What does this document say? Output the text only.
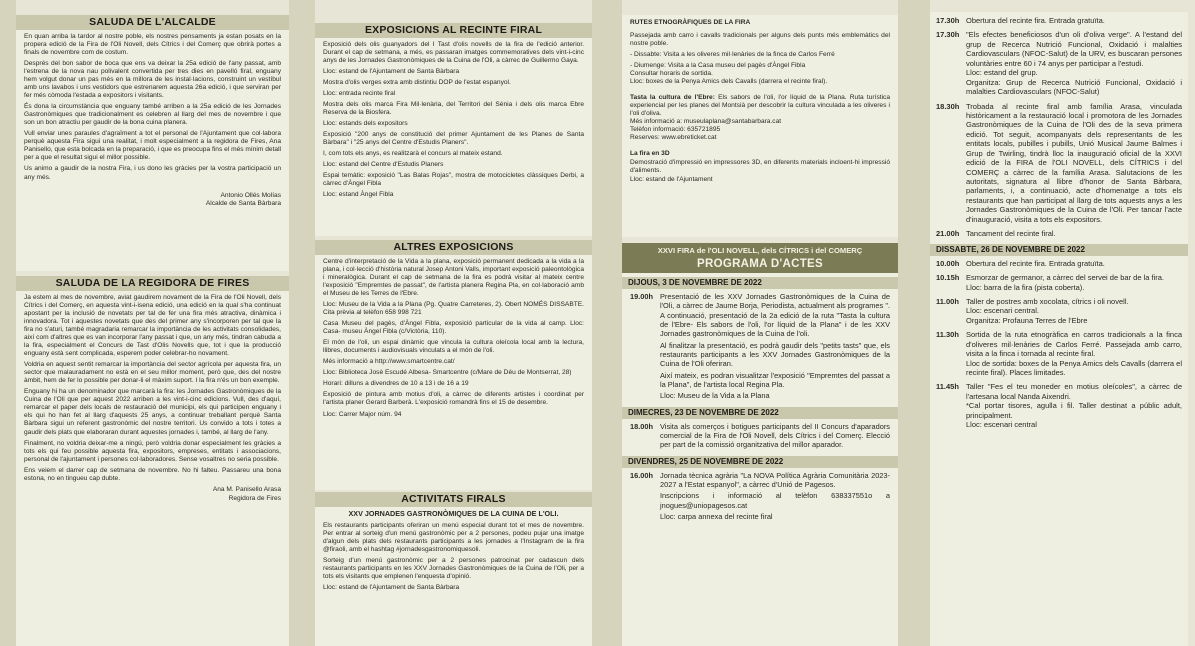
SALUDA DE L'ALCALDE

En quan arriba la tardor al nostre poble, els nostres pensaments ja estan posats en la propera edició de la Fira de l'Oli Novell, dels Cítrics i del Comerç que obrirà portes a finals de novembre com de costum.

Després del bon sabor de boca que ens va deixar la 25a edició de l'any passat, amb l'estrena de la nova nau polivalent convertida per tres dies en pavelló firal, enguany hem volgut donar un pas més en la millora de les instal·lacions, construint un vestíbul amb uns lavabos i uns vestidors que estrenarem aquesta 26a edició, i que serviran per fer més còmoda l'estada a expositors i visitants.

És dona la circumstància que enguany també arriben a la 25a edició de les Jornades Gastronòmiques que tradicionalment es celebren al llarg del mes de novembre i que son un bon atractiu per gaudir de la bona cuina planera.

Vull enviar unes paraules d'agraïment a tot el personal de l'Ajuntament que col·labora perquè aquesta Fira sigui una realitat, i molt especialment a la regidora de Fires, Ana Panisello, que esta bolcada en la preparació, i que es preocupa fins el més mínim detall per a que el resultat sigui el millor possible.

Us animo a gaudir de la nostra Fira, i us dono les gràcies per la vostra participació un any més.

Antonio Ollés Molías
Alcalde de Santa Bàrbara
SALUDA DE LA REGIDORA DE FIRES

Ja estem al mes de novembre, aviat gaudirem novament de la Fira de l'Oli Novell, dels Cítrics i del Comerç, en aquesta vint-i-isena edició, una edició en la qual s'ha continuat apostant per la inclusió de novetats per tal de fer una fira més atractiva, dinàmica i innovadora. Tot i aquestes novetats que des del primer any s'incorporen per tal que la fira no s'aturi, també magradaria remarcar la importància de les activitats consolidades, així com d'altres que es van incorporar l'any passat i que, un any més, tindran cabuda a la fira, especialment el Concurs de Tast d'Olis Novells que, tot i que la producció enguany està sent complicada, esperem poder celebrar-ho novament.

Voldria en aquest sentit remarcar la importància del sector agrícola per aquesta fira, un sector que malauradament no està en el seu millor moment, però que, des del nostre àmbit, hem de fer lo possible per donar-li el màxim suport. I la fira n'és un bon exemple.

Enguany hi ha un denominador que marcarà la fira: les Jornades Gastronòmiques de la Cuina de l'Oli que per aquest 2022 arriben a les vint-i-cinc edicions. Vull, des d'aquí, remarcar el paper dels locals de restauració del municipi, els qui participen enguany i els qui ho han fet al llarg d'aquests 25 anys, a continuar treballant perquè Santa Bàrbara sigui un referent gastronòmic del nostre territori. Us convido a tots i totes a gaudir dels plats que elaboraran durant aquestes jornades i, també, al llarg de l'any.

Finalment, no voldria deixar-me a ningú, però voldria donar especialment les gràcies a tots els qui feu possible aquesta fira, expositors, empreses, entitats i associacions, personal de l'ajuntament i persones col·laboradores. Sense vosaltres no seria possible.

Ens veiem el darrer cap de setmana de novembre. No hi falteu. Passareu una bona estona, no en tingueu cap dubte.

Ana M. Panisello Arasa
Regidora de Fires
EXPOSICIONS AL RECINTE FIRAL

Exposició dels olis guanyadors del I Tast d'olis novells de la fira de l'edició anterior. Durant el cap de setmana, a més, es passaran imatges commemoratives dels vint-i-cinc anys de les Jornades Gastronòmiques de la Cuina de l'Oli, a càrrec de Guillermo Gaya.

Lloc: estand de l'Ajuntament de Santa Bàrbara

Mostra d'olis verges extra amb distintiu DOP de l'estat espanyol.

Lloc: entrada recinte firal

Mostra dels olis marca Fira Mil·lenària, del Territori del Sénia i dels olis marca Ebre Reserva de la Biosfera.

Lloc: estands dels expositors

Exposició "200 anys de constitució del primer Ajuntament de les Planes de Santa Bàrbara" i "25 anys del Centre d'Estudis Planers".

I, com tots els anys, es realitzarà el concurs al mateix estand.

Lloc: estand del Centre d'Estudis Planers

Espai temàtic: exposició "Las Balas Rojas", mostra de motocicletes clàssiques Derbi, a càrrec d'Àngel Fibla

Lloc: estand Àngel Fibla

ALTRES EXPOSICIONS

Centre d'interpretació de la Vida a la plana, exposició permanent dedicada a la vida a la plana, i col·lecció d'història natural Josep Antoni Valls, important exposició paleontològica i mineralògica. Durant el cap de setmana de la fira es podrà visitar al mateix centre l'exposició "Empremtes de passat", de l'artista planera Regina Pla, en col·laboració amb el Museu de les Terres de l'Ebre.

Lloc: Museu de la Vida a la Plana (Pg. Quatre Carreteres, 2). Obert NOMÉS DISSABTE. Cita prèvia al telèfon 658 998 721

Casa Museu del pagès, d'Àngel Fibla, exposició particular de la vida al camp. Lloc: Casa- museu Àngel Fibla (c/Victòria, 110).

El món de l'oli, un espai dinàmic que vincula la cultura oleícola local amb la lectura, llibres, documents i audiovisuals vinculats a el món de l'oli.

Més informació a http://www.smartcentre.cat/

Lloc: Biblioteca Josè Escudé Albesa- Smartcentre (c/Mare de Déu de Montserrat, 28)

Horari: dilluns a divendres de 10 a 13 i de 16 a 19

Exposició de pintura amb motius d'oli, a càrrec de diferents artistes i coordinat per l'artista planer Gerard Barberà. L'exposició romandrà fins el 15 de desembre.

Lloc: Carrer Major núm. 94

ACTIVITATS FIRALS
XXV JORNADES GASTRONÒMIQUES DE LA CUINA DE L'OLI.

Els restaurants participants oferiran un menú especial durant tot el mes de novembre. Per entrar al sorteig d'un menú gastronòmic per a 2 persones, podeu pujar una imatge d'algun dels plats dels restaurants participants a les jornades a l'Instagram de la fira @firaoli, amb el hashtag #jornadesgastronomiquesoli.

Sorteig d'un menú gastronòmic per a 2 persones patrocinat per cadascun dels restaurants participants en les XXV Jornades Gastronòmiques de la Cuina de l'Oli, per a tots els visitants que emplenen l'enquesta d'opinió.

Lloc: estand de l'Ajuntament de Santa Bàrbara

RUTES ETNOGRÀFIQUES DE LA FIRA

Passejada amb carro i cavalls tradicionals per alguns dels punts més emblemàtics del nostre poble.

- Dissabte: Visita a les oliveres mil·lenàries de la finca de Carlos Ferré

- Diumenge: Visita a la Casa museu del pagès d'Àngel Fibla

Consultar horaris de sortida.

Lloc: boxes de la Penya Amics dels Cavalls (darrera el recinte firal).

Tasta la cultura de l'Ebre: Els sabors de l'oli, l'or líquid de la Plana. Ruta turística experiencial per les planes del Montsià per descobrir la cultura vinculada a les oliveres i l'oli d'oliva.

Més informació a: museulaplana@santabarbara.cat
Telèfon informació: 635721895
Reserves: www.ebreticket.cat

La fira en 3D

Demostració d'impressió en impressores 3D, en diferents materials incloent-hi impressió d'aliments.

Lloc: estand de l'Ajuntament

XXVI FIRA de l'OLI NOVELL, dels CÍTRICS i del COMERÇ
PROGRAMA D'ACTES
DIJOUS, 3 DE NOVEMBRE DE 2022
19.00h Presentació de les XXV Jornades Gastronòmiques de la Cuina de l'Oli, a càrrec de Jaume Borja, Periodista, actualment als programes ". A continuació, presentació de la 2a edició de la ruta "Tasta la cultura de l'Ebre- Els sabors de l'oli, l'or líquid de la Plana" i de les XXV Jornades gastronòmiques de la Cuina de l'oli.
Al finalitzar la presentació, es podrà gaudir dels "petits tasts" que, els restaurants participants a les XXV Jornades Gastronòmiques de la Cuina de l'Oli oferiran.
Així mateix, es podran visualitzar l'exposició "Empremtes del passat a la Plana", de l'artista local Regina Pla.
Lloc: Museu de la Vida a la Plana
DIMECRES, 23 DE NOVEMBRE DE 2022
18.00h Visita als comerços i botigues participants del II Concurs d'aparadors comercial de la Fira de l'Oli Novell, dels Cítrics i del Comerç. Elecció per part de la comissió organitzativa del millor aparador.
DIVENDRES, 25 DE NOVEMBRE DE 2022
16.00h Jornada tècnica agrària "La NOVA Política Agrària Comunitària 2023-2027 a l'Estat espanyol", a càrrec d'Unió de Pagesos.
Inscripcions i informació al telèfon 638337551o a jnogues@uniopagesos.cat
Lloc: carpa annexa del recinte firal
17.30h Obertura del recinte fira. Entrada gratuïta.
17.30h "Els efectes beneficiosos d'un oli d'oliva verge". A l'estand del grup de Recerca Nutrició Funcional, Oxidació i malalties Cardiovasculars (NFOC-Salut) de la URV, es buscaran persones voluntàries entre 60 i 74 anys per participar a l'estudi.
Lloc: estand del grup.
Organitza: Grup de Recerca Nutrició Funcional, Oxidació i malalties Cardiovasculars (NFOC-Salut)
18.30h Trobada al recinte firal amb família Arasa, vinculada històricament a la restauració local i promotora de les Jornades Gastronòmiques de la Cuina de l'Oli des de la seva primera edició. Tot seguit, acompanyats dels representants de les entitats locals, pubilles i pubills, Unió Musical Jaume Balmes i Grup de Twirling, tindrà lloc la inauguració oficial de la XXVI edició de la FIRA de l'OLI NOVELL, dels CÍTRICS i del COMERÇ a càrrec de la família Arasa. Salutacions de les autoritats, signatura al llibre d'honor de Santa Bàrbara, parlaments, i, a continuació, acte d'homenatge a tots els restaurants que han participat al llarg de tots aquests anys a les Jornades Gastronòmiques de la Cuina de l'Oli. Per tancar l'acte d'inauguració, visita a tots els expositors.
21.00h Tancament del recinte firal.
DISSABTE, 26 DE NOVEMBRE DE 2022
10.00h Obertura del recinte fira. Entrada gratuïta.
10.15h Esmorzar de germanor, a càrrec del servei de bar de la fira.
Lloc: barra de la fira (pista coberta).
11.00h Taller de postres amb xocolata, cítrics i oli novell.
Lloc: escenari central.
Organitza: Profauna Terres de l'Ebre
11.30h Sortida de la ruta etnogràfica en carros tradicionals a la finca d'oliveres mil·lenàries de Carlos Ferré. Passejada amb carro, visita a la finca i tornada al recinte firal.
Lloc de sortida: boxes de la Penya Amics dels Cavalls (darrera el recinte firal). Places limitades.
11.45h Taller "Fes el teu moneder en motius oleícoles", a càrrec de l'artesana local Nanda Aixendri.
*Cal portar tisores, agulla i fil. Taller destinat a públic adult, principalment.
Lloc: escenari central
